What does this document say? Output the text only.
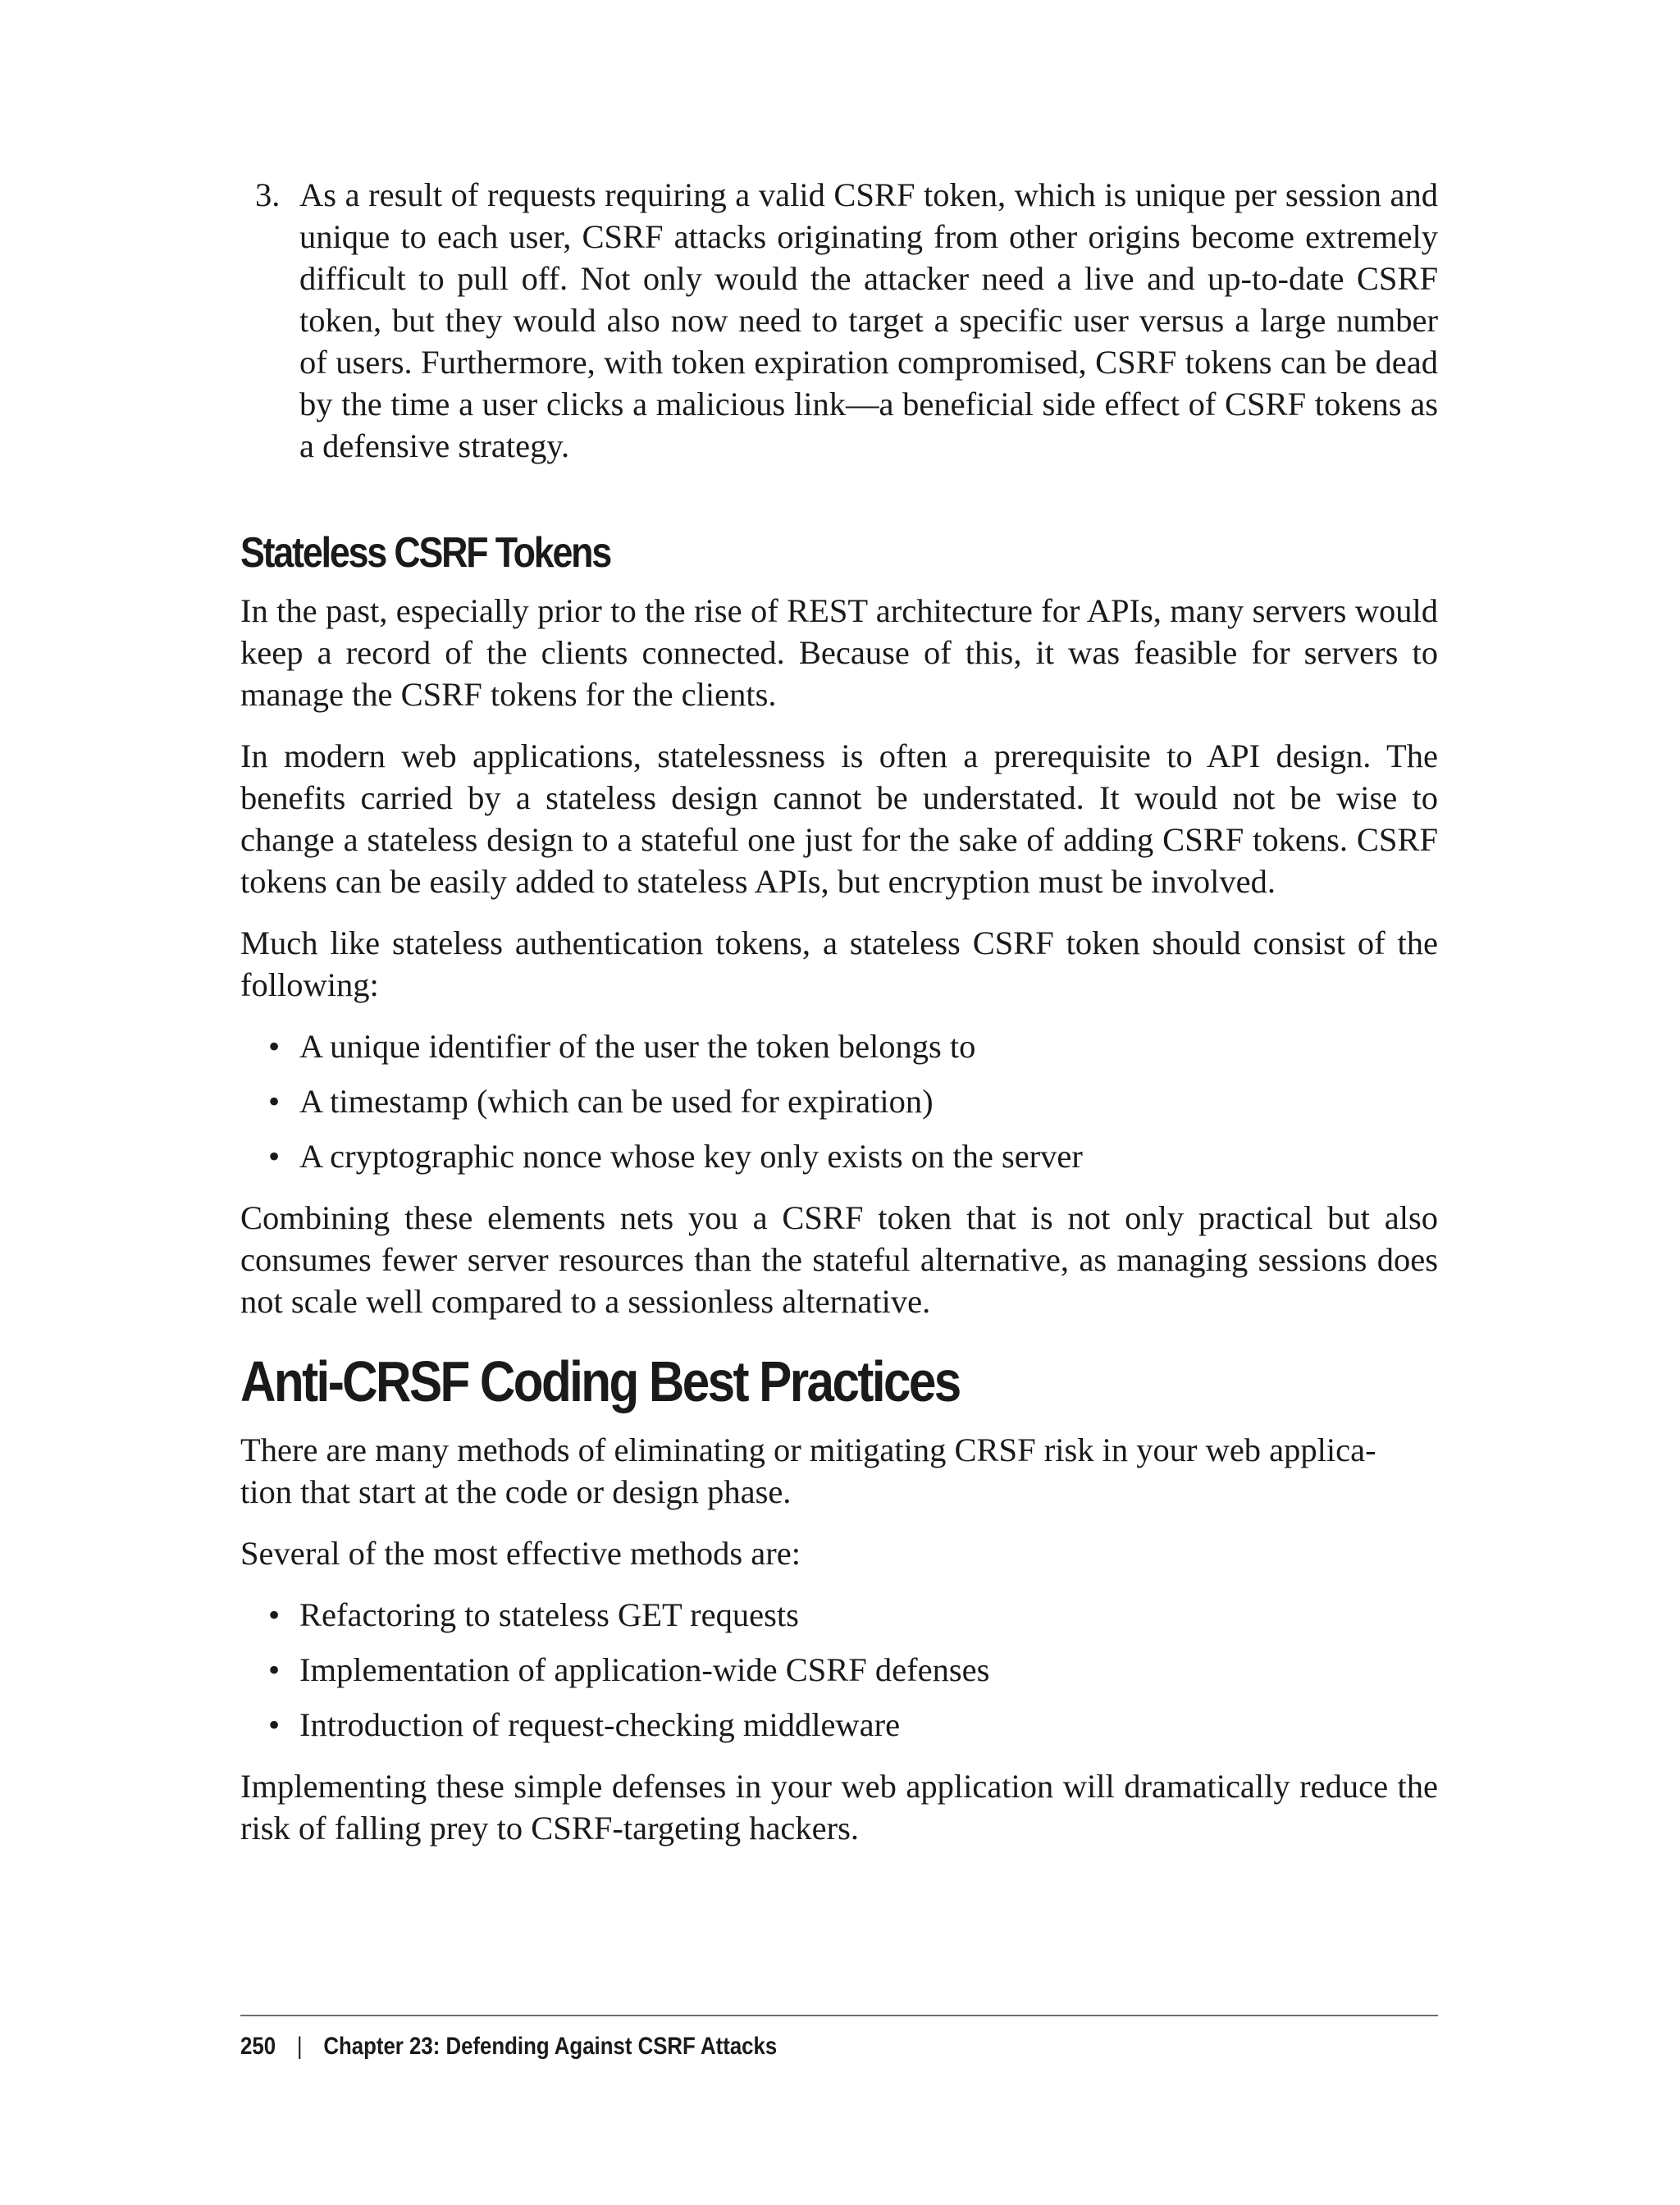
3. As a result of requests requiring a valid CSRF token, which is unique per session and unique to each user, CSRF attacks originating from other origins become extremely difficult to pull off. Not only would the attacker need a live and up-to-date CSRF token, but they would also now need to target a specific user versus a large number of users. Furthermore, with token expiration compromised, CSRF tokens can be dead by the time a user clicks a malicious link—a beneficial side effect of CSRF tokens as a defensive strategy.

Stateless CSRF Tokens

In the past, especially prior to the rise of REST architecture for APIs, many servers would keep a record of the clients connected. Because of this, it was feasible for servers to manage the CSRF tokens for the clients.

In modern web applications, statelessness is often a prerequisite to API design. The benefits carried by a stateless design cannot be understated. It would not be wise to change a stateless design to a stateful one just for the sake of adding CSRF tokens. CSRF tokens can be easily added to stateless APIs, but encryption must be involved.

Much like stateless authentication tokens, a stateless CSRF token should consist of the following:

• A unique identifier of the user the token belongs to
• A timestamp (which can be used for expiration)
• A cryptographic nonce whose key only exists on the server

Combining these elements nets you a CSRF token that is not only practical but also consumes fewer server resources than the stateful alternative, as managing sessions does not scale well compared to a sessionless alternative.

Anti-CRSF Coding Best Practices

There are many methods of eliminating or mitigating CRSF risk in your web applica-
tion that start at the code or design phase.

Several of the most effective methods are:

• Refactoring to stateless GET requests
• Implementation of application-wide CSRF defenses
• Introduction of request-checking middleware

Implementing these simple defenses in your web application will dramatically reduce the risk of falling prey to CSRF-targeting hackers.

250 | Chapter 23: Defending Against CSRF Attacks
